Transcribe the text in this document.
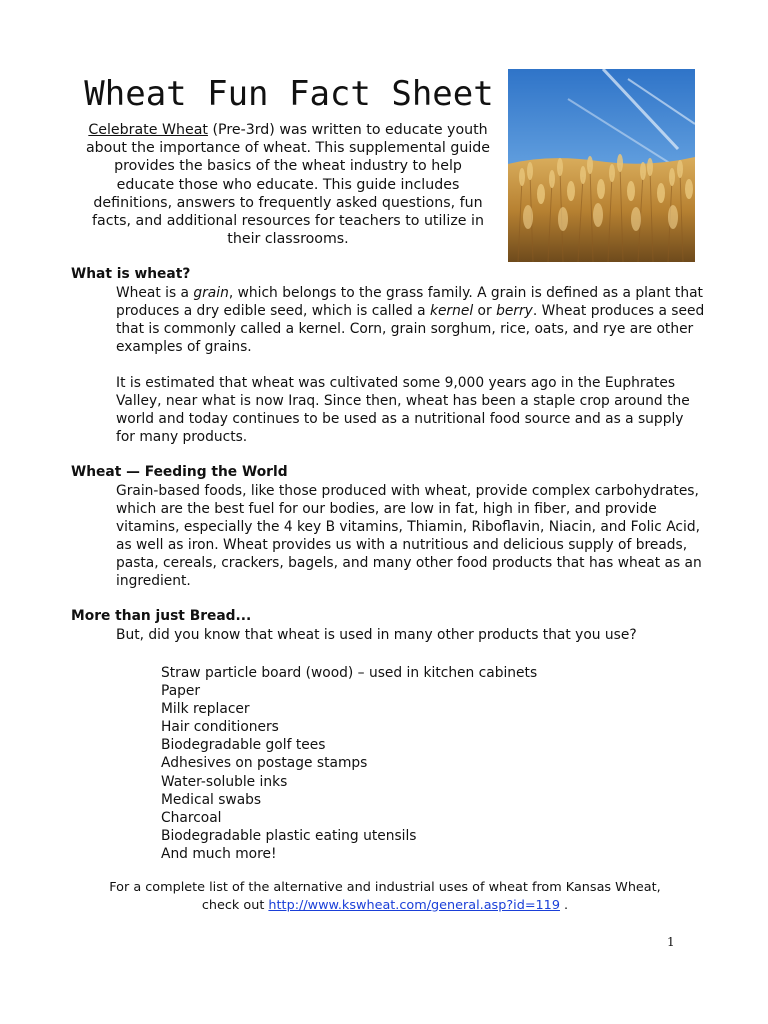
Wheat Fun Fact Sheet
Celebrate Wheat (Pre-3rd) was written to educate youth
about the importance of wheat. This supplemental guide
provides the basics of the wheat industry to help
educate those who educate. This guide includes
definitions, answers to frequently asked questions, fun
facts, and additional resources for teachers to utilize in
their classrooms.
What is wheat?
Wheat is a grain, which belongs to the grass family. A grain is defined as a plant that produces a dry edible seed, which is called a kernel or berry. Wheat produces a seed that is commonly called a kernel. Corn, grain sorghum, rice, oats, and rye are other examples of grains.
It is estimated that wheat was cultivated some 9,000 years ago in the Euphrates Valley, near what is now Iraq. Since then, wheat has been a staple crop around the world and today continues to be used as a nutritional food source and as a supply for many products.
Wheat — Feeding the World
Grain-based foods, like those produced with wheat, provide complex carbohydrates, which are the best fuel for our bodies, are low in fat, high in fiber, and provide vitamins, especially the 4 key B vitamins, Thiamin, Riboflavin, Niacin, and Folic Acid, as well as iron. Wheat provides us with a nutritious and delicious supply of breads, pasta, cereals, crackers, bagels, and many other food products that has wheat as an ingredient.
More than just Bread...
But, did you know that wheat is used in many other products that you use?
Straw particle board (wood) – used in kitchen cabinets
Paper
Milk replacer
Hair conditioners
Biodegradable golf tees
Adhesives on postage stamps
Water-soluble inks
Medical swabs
Charcoal
Biodegradable plastic eating utensils
And much more!
For a complete list of the alternative and industrial uses of wheat from Kansas Wheat,
check out http://www.kswheat.com/general.asp?id=119 .
1
